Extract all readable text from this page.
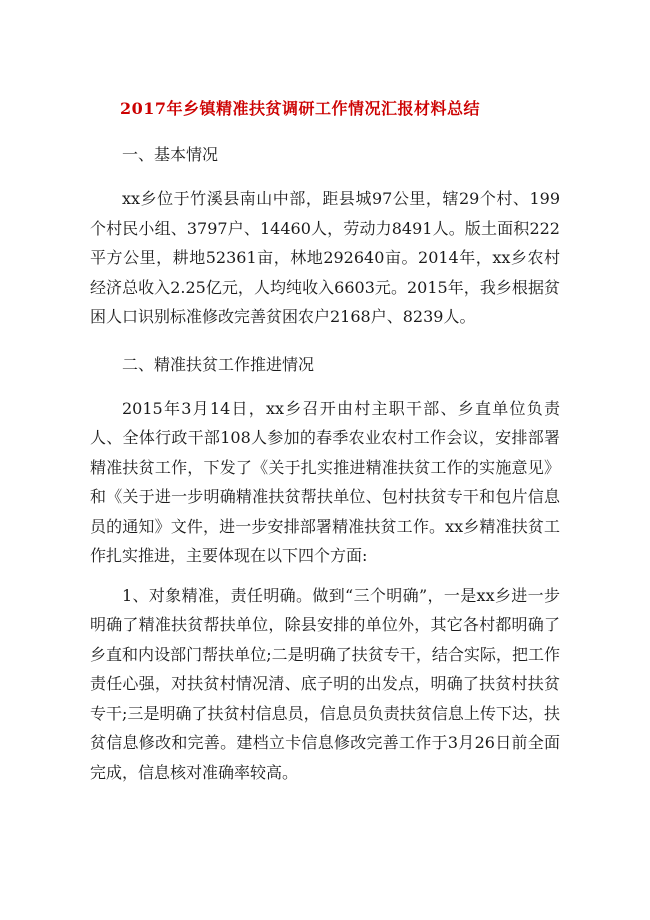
2017年乡镇精准扶贫调研工作情况汇报材料总结
一、基本情况

xx乡位于竹溪县南山中部，距县城97公里，辖29个村、199个村民小组、3797户、14460人，劳动力8491人。版土面积222平方公里，耕地52361亩，林地292640亩。2014年，xx乡农村经济总收入2.25亿元，人均纯收入6603元。2015年，我乡根据贫困人口识别标准修改完善贫困农户2168户、8239人。

二、精准扶贫工作推进情况

2015年3月14日，xx乡召开由村主职干部、乡直单位负责人、全体行政干部108人参加的春季农业农村工作会议，安排部署精准扶贫工作，下发了《关于扎实推进精准扶贫工作的实施意见》和《关于进一步明确精准扶贫帮扶单位、包村扶贫专干和包片信息员的通知》文件，进一步安排部署精准扶贫工作。xx乡精准扶贫工作扎实推进，主要体现在以下四个方面:

1、对象精准，责任明确。做到“三个明确”，一是xx乡进一步明确了精准扶贫帮扶单位，除县安排的单位外，其它各村都明确了乡直和内设部门帮扶单位;二是明确了扶贫专干，结合实际，把工作责任心强，对扶贫村情况清、底子明的出发点，明确了扶贫村扶贫专干;三是明确了扶贫村信息员，信息员负责扶贫信息上传下达，扶贫信息修改和完善。建档立卡信息修改完善工作于3月26日前全面完成，信息核对准确率较高。
